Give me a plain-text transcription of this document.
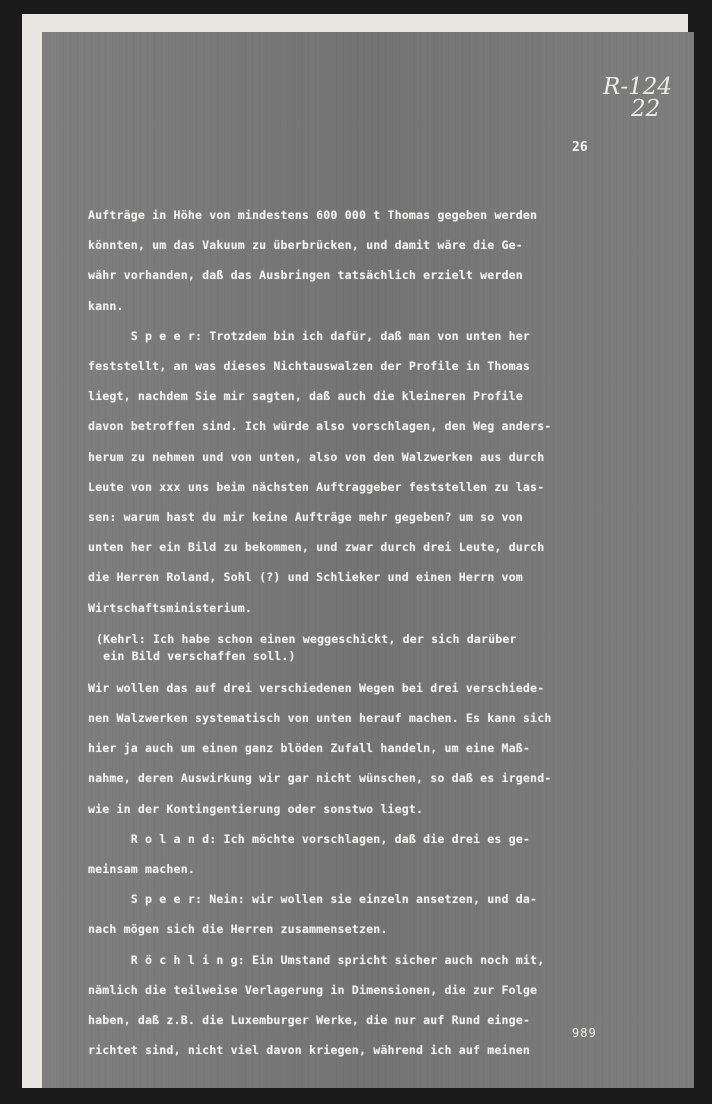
R-124
22
26
Aufträge in Höhe von mindestens 600 000 t Thomas gegeben werden
könnten, um das Vakuum zu überbrücken, und damit wäre die Ge-
währ vorhanden, daß das Ausbringen tatsächlich erzielt werden
kann.
S p e e r: Trotzdem bin ich dafür, daß man von unten her
feststellt, an was dieses Nichtauswalzen der Profile in Thomas
liegt, nachdem Sie mir sagten, daß auch die kleineren Profile
davon betroffen sind. Ich würde also vorschlagen, den Weg anders-
herum zu nehmen und von unten, also von den Walzwerken aus durch
Leute von xxx uns beim nächsten Auftraggeber feststellen zu las-
sen: warum hast du mir keine Aufträge mehr gegeben? um so von
unten her ein Bild zu bekommen, und zwar durch drei Leute, durch
die Herren Roland, Sohl (?) und Schlieker und einen Herrn vom
Wirtschaftsministerium.
(Kehrl: Ich habe schon einen weggeschickt, der sich darüber
ein Bild verschaffen soll.)
Wir wollen das auf drei verschiedenen Wegen bei drei verschiede-
nen Walzwerken systematisch von unten herauf machen. Es kann sich
hier ja auch um einen ganz blöden Zufall handeln, um eine Maß-
nahme, deren Auswirkung wir gar nicht wünschen, so daß es irgend-
wie in der Kontingentierung oder sonstwo liegt.
R o l a n d: Ich möchte vorschlagen, daß die drei es ge-
meinsam machen.
S p e e r: Nein: wir wollen sie einzeln ansetzen, und da-
nach mögen sich die Herren zusammensetzen.
R ö c h l i n g: Ein Umstand spricht sicher auch noch mit,
nämlich die teilweise Verlagerung in Dimensionen, die zur Folge
haben, daß z.B. die Luxemburger Werke, die nur auf Rund einge-
richtet sind, nicht viel davon kriegen, während ich auf meinen
989
